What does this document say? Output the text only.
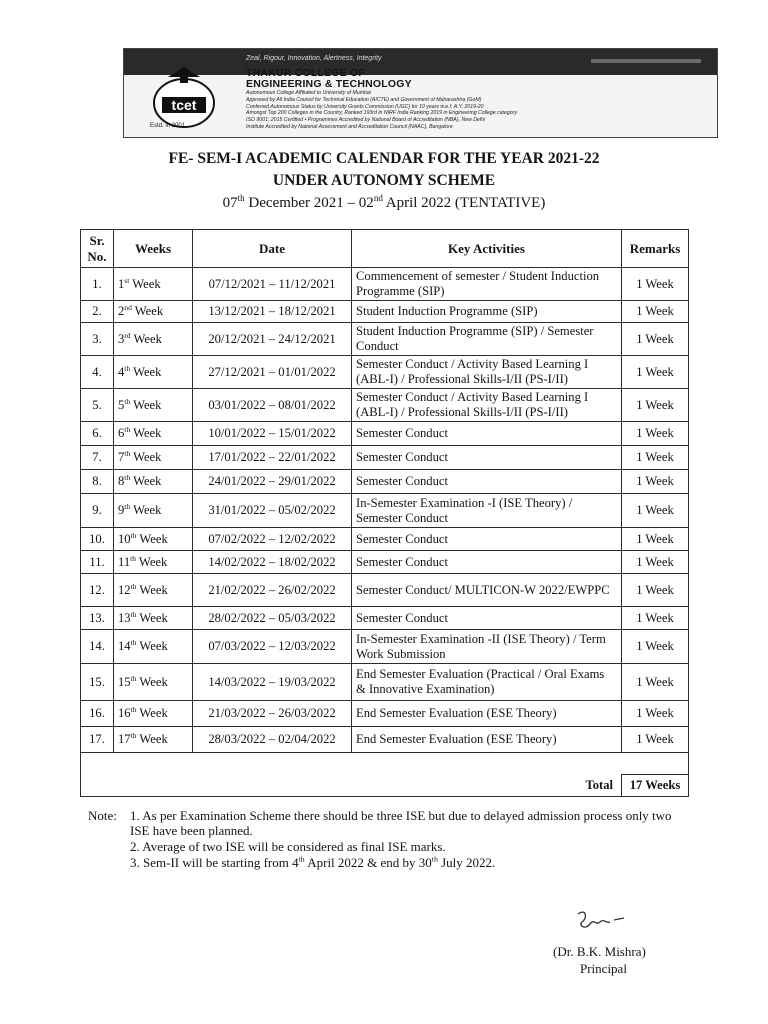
tcet
Estd. in 2001
Zeal, Rigour, Innovation, Alertness, Integrity
THAKUR COLLEGE OF
ENGINEERING & TECHNOLOGY
Autonomous College Affiliated to University of Mumbai
Approved by All India Council for Technical Education (AICTE) and Government of Maharashtra (GoM)
Conferred Autonomous Status by University Grants Commission (UGC) for 10 years w.e.f. A.Y. 2019-20
Amongst Top 200 Colleges in the Country, Ranked 193rd in NIRF India Ranking 2019 in Engineering College category
ISO 9001: 2015 Certified • Programmes Accredited by National Board of Accreditation (NBA), New Delhi
Institute Accredited by National Assessment and Accreditation Council (NAAC), Bangalore
FE- SEM-I ACADEMIC CALENDAR FOR THE YEAR 2021-22
UNDER AUTONOMY SCHEME
07th December 2021 – 02nd April 2022 (TENTATIVE)
Sr. No.	Weeks	Date	Key Activities	Remarks
1.	1st Week	07/12/2021 – 11/12/2021	Commencement of semester / Student Induction Programme (SIP)	1 Week
2.	2nd Week	13/12/2021 – 18/12/2021	Student Induction Programme (SIP)	1 Week
3.	3rd Week	20/12/2021 – 24/12/2021	Student Induction Programme (SIP) / Semester Conduct	1 Week
4.	4th Week	27/12/2021 – 01/01/2022	Semester Conduct / Activity Based Learning I (ABL-I) / Professional Skills-I/II (PS-I/II)	1 Week
5.	5th Week	03/01/2022 – 08/01/2022	Semester Conduct / Activity Based Learning I (ABL-I) / Professional Skills-I/II (PS-I/II)	1 Week
6.	6th Week	10/01/2022 – 15/01/2022	Semester Conduct	1 Week
7.	7th Week	17/01/2022 – 22/01/2022	Semester Conduct	1 Week
8.	8th Week	24/01/2022 – 29/01/2022	Semester Conduct	1 Week
9.	9th Week	31/01/2022 – 05/02/2022	In-Semester Examination -I (ISE Theory) / Semester Conduct	1 Week
10.	10th Week	07/02/2022 – 12/02/2022	Semester Conduct	1 Week
11.	11th Week	14/02/2022 – 18/02/2022	Semester Conduct	1 Week
12.	12th Week	21/02/2022 – 26/02/2022	Semester Conduct/ MULTICON-W 2022/EWPPC	1 Week
13.	13th Week	28/02/2022 – 05/03/2022	Semester Conduct	1 Week
14.	14th Week	07/03/2022 – 12/03/2022	In-Semester Examination -II (ISE Theory) / Term Work Submission	1 Week
15.	15th Week	14/03/2022 – 19/03/2022	End Semester Evaluation (Practical / Oral Exams & Innovative Examination)	1 Week
16.	16th Week	21/03/2022 – 26/03/2022	End Semester Evaluation (ESE Theory)	1 Week
17.	17th Week	28/03/2022 – 02/04/2022	End Semester Evaluation (ESE Theory)	1 Week

Total				17 Weeks
Note: 1. As per Examination Scheme there should be three ISE but due to delayed admission process only two ISE have been planned.
2. Average of two ISE will be considered as final ISE marks.
3. Sem-II will be starting from 4th April 2022 & end by 30th July 2022.
(Dr. B.K. Mishra)
Principal
